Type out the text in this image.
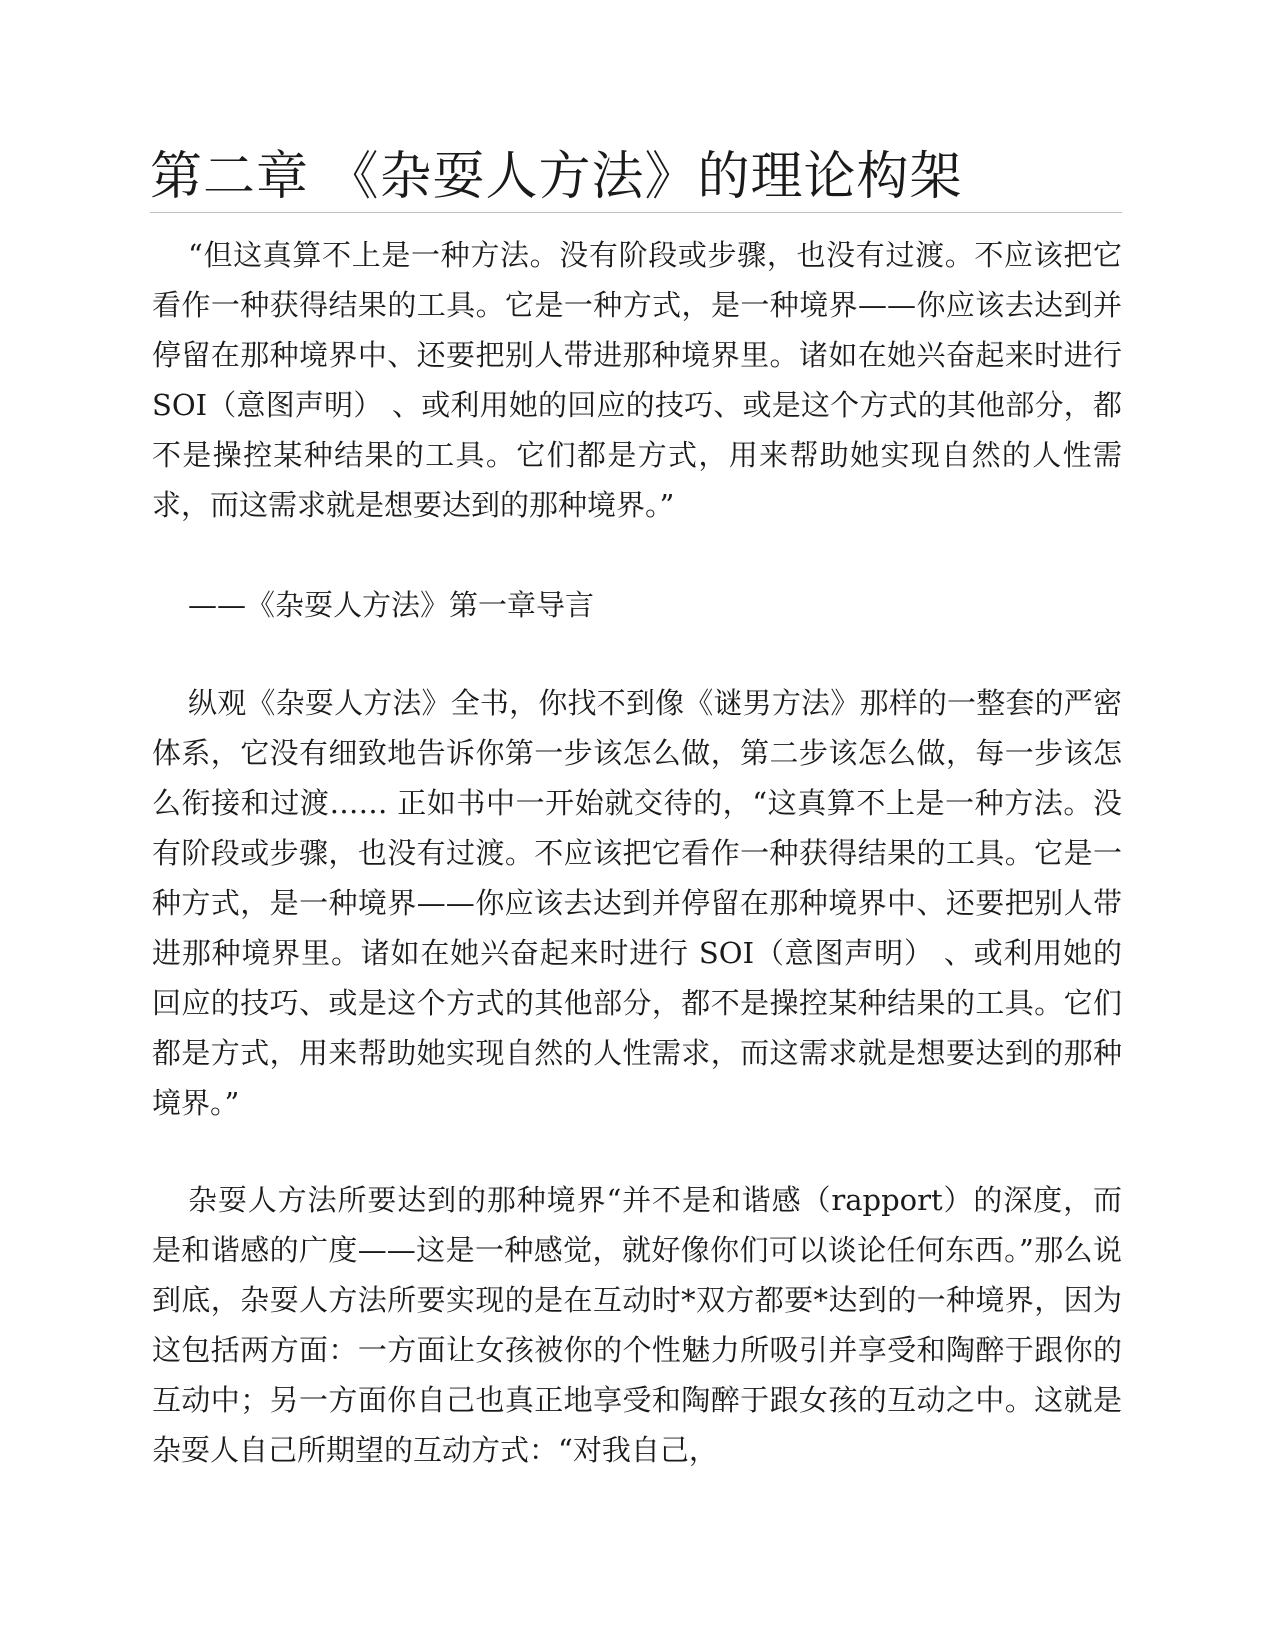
第二章 《杂耍人方法》的理论构架

“但这真算不上是一种方法。没有阶段或步骤，也没有过渡。不应该把它看作一种获得结果的工具。它是一种方式，是一种境界——你应该去达到并停留在那种境界中、还要把别人带进那种境界里。诸如在她兴奋起来时进行 SOI（意图声明） 、或利用她的回应的技巧、或是这个方式的其他部分，都不是操控某种结果的工具。它们都是方式，用来帮助她实现自然的人性需求，而这需求就是想要达到的那种境界。”

——《杂耍人方法》第一章导言

纵观《杂耍人方法》全书，你找不到像《谜男方法》那样的一整套的严密体系，它没有细致地告诉你第一步该怎么做，第二步该怎么做，每一步该怎么衔接和过渡…… 正如书中一开始就交待的，“这真算不上是一种方法。没有阶段或步骤，也没有过渡。不应该把它看作一种获得结果的工具。它是一种方式，是一种境界——你应该去达到并停留在那种境界中、还要把别人带进那种境界里。诸如在她兴奋起来时进行 SOI（意图声明） 、或利用她的回应的技巧、或是这个方式的其他部分，都不是操控某种结果的工具。它们都是方式，用来帮助她实现自然的人性需求，而这需求就是想要达到的那种境界。”

杂耍人方法所要达到的那种境界“并不是和谐感（rapport）的深度，而是和谐感的广度——这是一种感觉，就好像你们可以谈论任何东西。”那么说到底，杂耍人方法所要实现的是在互动时*双方都要*达到的一种境界，因为这包括两方面：一方面让女孩被你的个性魅力所吸引并享受和陶醉于跟你的互动中；另一方面你自己也真正地享受和陶醉于跟女孩的互动之中。这就是杂耍人自己所期望的互动方式：“对我自己，
